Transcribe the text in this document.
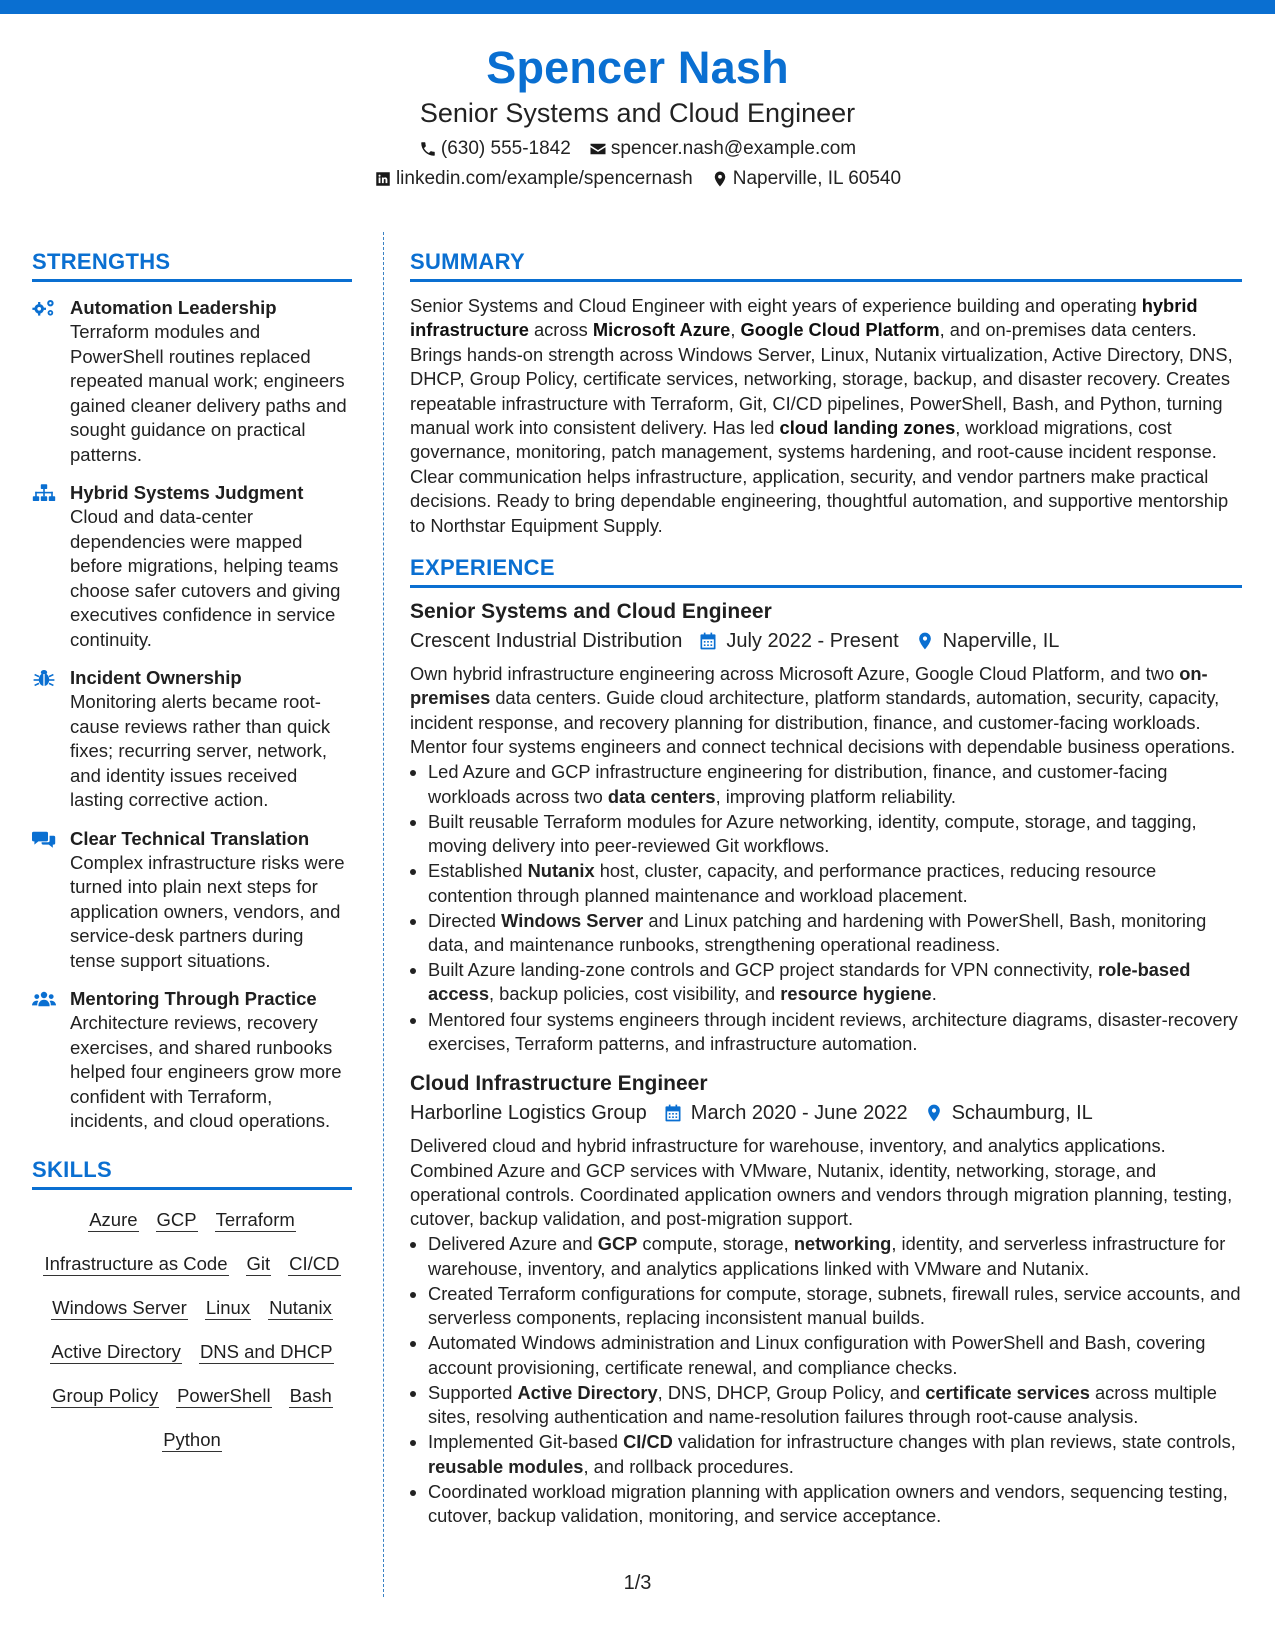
Spencer Nash
Senior Systems and Cloud Engineer
(630) 555-1842 spencer.nash@example.com
linkedin.com/example/spencernash Naperville, IL 60540
STRENGTHS
Automation Leadership
Terraform modules and PowerShell routines replaced repeated manual work; engineers gained cleaner delivery paths and sought guidance on practical patterns.
Hybrid Systems Judgment
Cloud and data-center dependencies were mapped before migrations, helping teams choose safer cutovers and giving executives confidence in service continuity.
Incident Ownership
Monitoring alerts became root-cause reviews rather than quick fixes; recurring server, network, and identity issues received lasting corrective action.
Clear Technical Translation
Complex infrastructure risks were turned into plain next steps for application owners, vendors, and service-desk partners during tense support situations.
Mentoring Through Practice
Architecture reviews, recovery exercises, and shared runbooks helped four engineers grow more confident with Terraform, incidents, and cloud operations.
SKILLS
Azure GCP Terraform
Infrastructure as Code Git CI/CD
Windows Server Linux Nutanix
Active Directory DNS and DHCP
Group Policy PowerShell Bash
Python
SUMMARY
Senior Systems and Cloud Engineer with eight years of experience building and operating hybrid infrastructure across Microsoft Azure, Google Cloud Platform, and on-premises data centers. Brings hands-on strength across Windows Server, Linux, Nutanix virtualization, Active Directory, DNS, DHCP, Group Policy, certificate services, networking, storage, backup, and disaster recovery. Creates repeatable infrastructure with Terraform, Git, CI/CD pipelines, PowerShell, Bash, and Python, turning manual work into consistent delivery. Has led cloud landing zones, workload migrations, cost governance, monitoring, patch management, systems hardening, and root-cause incident response. Clear communication helps infrastructure, application, security, and vendor partners make practical decisions. Ready to bring dependable engineering, thoughtful automation, and supportive mentorship to Northstar Equipment Supply.
EXPERIENCE
Senior Systems and Cloud Engineer
Crescent Industrial Distribution July 2022 - Present Naperville, IL
Own hybrid infrastructure engineering across Microsoft Azure, Google Cloud Platform, and two on-premises data centers. Guide cloud architecture, platform standards, automation, security, capacity, incident response, and recovery planning for distribution, finance, and customer-facing workloads. Mentor four systems engineers and connect technical decisions with dependable business operations.
• Led Azure and GCP infrastructure engineering for distribution, finance, and customer-facing workloads across two data centers, improving platform reliability.
• Built reusable Terraform modules for Azure networking, identity, compute, storage, and tagging, moving delivery into peer-reviewed Git workflows.
• Established Nutanix host, cluster, capacity, and performance practices, reducing resource contention through planned maintenance and workload placement.
• Directed Windows Server and Linux patching and hardening with PowerShell, Bash, monitoring data, and maintenance runbooks, strengthening operational readiness.
• Built Azure landing-zone controls and GCP project standards for VPN connectivity, role-based access, backup policies, cost visibility, and resource hygiene.
• Mentored four systems engineers through incident reviews, architecture diagrams, disaster-recovery exercises, Terraform patterns, and infrastructure automation.
Cloud Infrastructure Engineer
Harborline Logistics Group March 2020 - June 2022 Schaumburg, IL
Delivered cloud and hybrid infrastructure for warehouse, inventory, and analytics applications. Combined Azure and GCP services with VMware, Nutanix, identity, networking, storage, and operational controls. Coordinated application owners and vendors through migration planning, testing, cutover, backup validation, and post-migration support.
• Delivered Azure and GCP compute, storage, networking, identity, and serverless infrastructure for warehouse, inventory, and analytics applications linked with VMware and Nutanix.
• Created Terraform configurations for compute, storage, subnets, firewall rules, service accounts, and serverless components, replacing inconsistent manual builds.
• Automated Windows administration and Linux configuration with PowerShell and Bash, covering account provisioning, certificate renewal, and compliance checks.
• Supported Active Directory, DNS, DHCP, Group Policy, and certificate services across multiple sites, resolving authentication and name-resolution failures through root-cause analysis.
• Implemented Git-based CI/CD validation for infrastructure changes with plan reviews, state controls, reusable modules, and rollback procedures.
• Coordinated workload migration planning with application owners and vendors, sequencing testing, cutover, backup validation, monitoring, and service acceptance.
1/3
